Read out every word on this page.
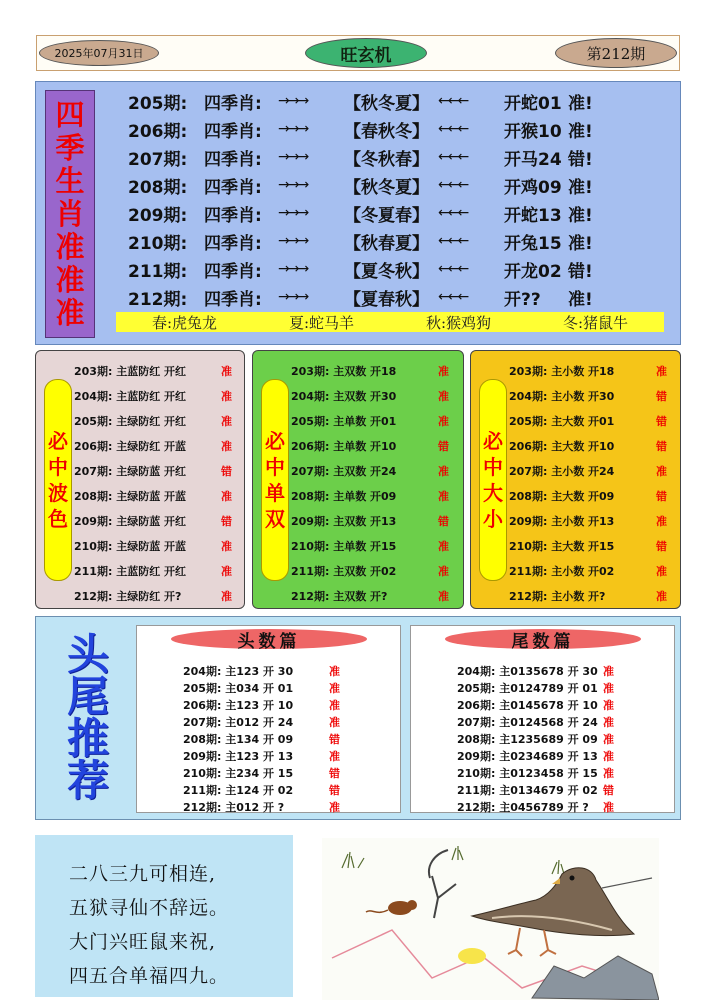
2025年07月31日	旺玄机	第212期
四
季
生
肖
准
准
准
205期: 四季肖:	→→→	【秋冬夏】 ←←←	开蛇01 准!
206期: 四季肖:	→→→	【春秋冬】 ←←←	开猴10 准!
207期: 四季肖:	→→→	【冬秋春】 ←←←	开马24 错!
208期: 四季肖:	→→→	【秋冬夏】 ←←←	开鸡09 准!
209期: 四季肖:	→→→	【冬夏春】 ←←←	开蛇13 准!
210期: 四季肖:	→→→	【秋春夏】 ←←←	开兔15 准!
211期: 四季肖:	→→→	【夏冬秋】 ←←←	开龙02 错!
212期: 四季肖:	→→→	【夏春秋】 ←←←	开??	准!
春:虎兔龙	夏:蛇马羊	秋:猴鸡狗	冬:猪鼠牛
必
中
波
色
203期: 主蓝防红 开红	准
204期: 主蓝防红 开红	准
205期: 主绿防红 开红	准
206期: 主绿防红 开蓝	准
207期: 主绿防蓝 开红	错
208期: 主绿防蓝 开蓝	准
209期: 主绿防蓝 开红	错
210期: 主绿防蓝 开蓝	准
211期: 主蓝防红 开红	准
212期: 主绿防红 开?	准
必
中
单
双
203期: 主双数 开18	准
204期: 主双数 开30	准
205期: 主单数 开01	准
206期: 主单数 开10	错
207期: 主双数 开24	准
208期: 主单数 开09	准
209期: 主双数 开13	错
210期: 主单数 开15	准
211期: 主双数 开02	准
212期: 主双数 开?	准
必
中
大
小
203期: 主小数 开18	准
204期: 主小数 开30	错
205期: 主大数 开01	错
206期: 主大数 开10	错
207期: 主小数 开24	准
208期: 主大数 开09	错
209期: 主小数 开13	准
210期: 主大数 开15	错
211期: 主小数 开02	准
212期: 主小数 开?	准
头
尾
推
荐
头数篇
204期: 主123 开 30	准
205期: 主034 开 01	准
206期: 主123 开 10	准
207期: 主012 开 24	准
208期: 主134 开 09	错
209期: 主123 开 13	准
210期: 主234 开 15	错
211期: 主124 开 02	错
212期: 主012 开 ?	准
尾数篇
204期: 主0135678 开 30 准
205期: 主0124789 开 01 准
206期: 主0145678 开 10 准
207期: 主0124568 开 24 准
208期: 主1235689 开 09 准
209期: 主0234689 开 13 准
210期: 主0123458 开 15 准
211期: 主0134679 开 02 错
212期: 主0456789 开 ? 准
二八三九可相连,
五狱寻仙不辞远。
大门兴旺鼠来祝,
四五合单福四九。
